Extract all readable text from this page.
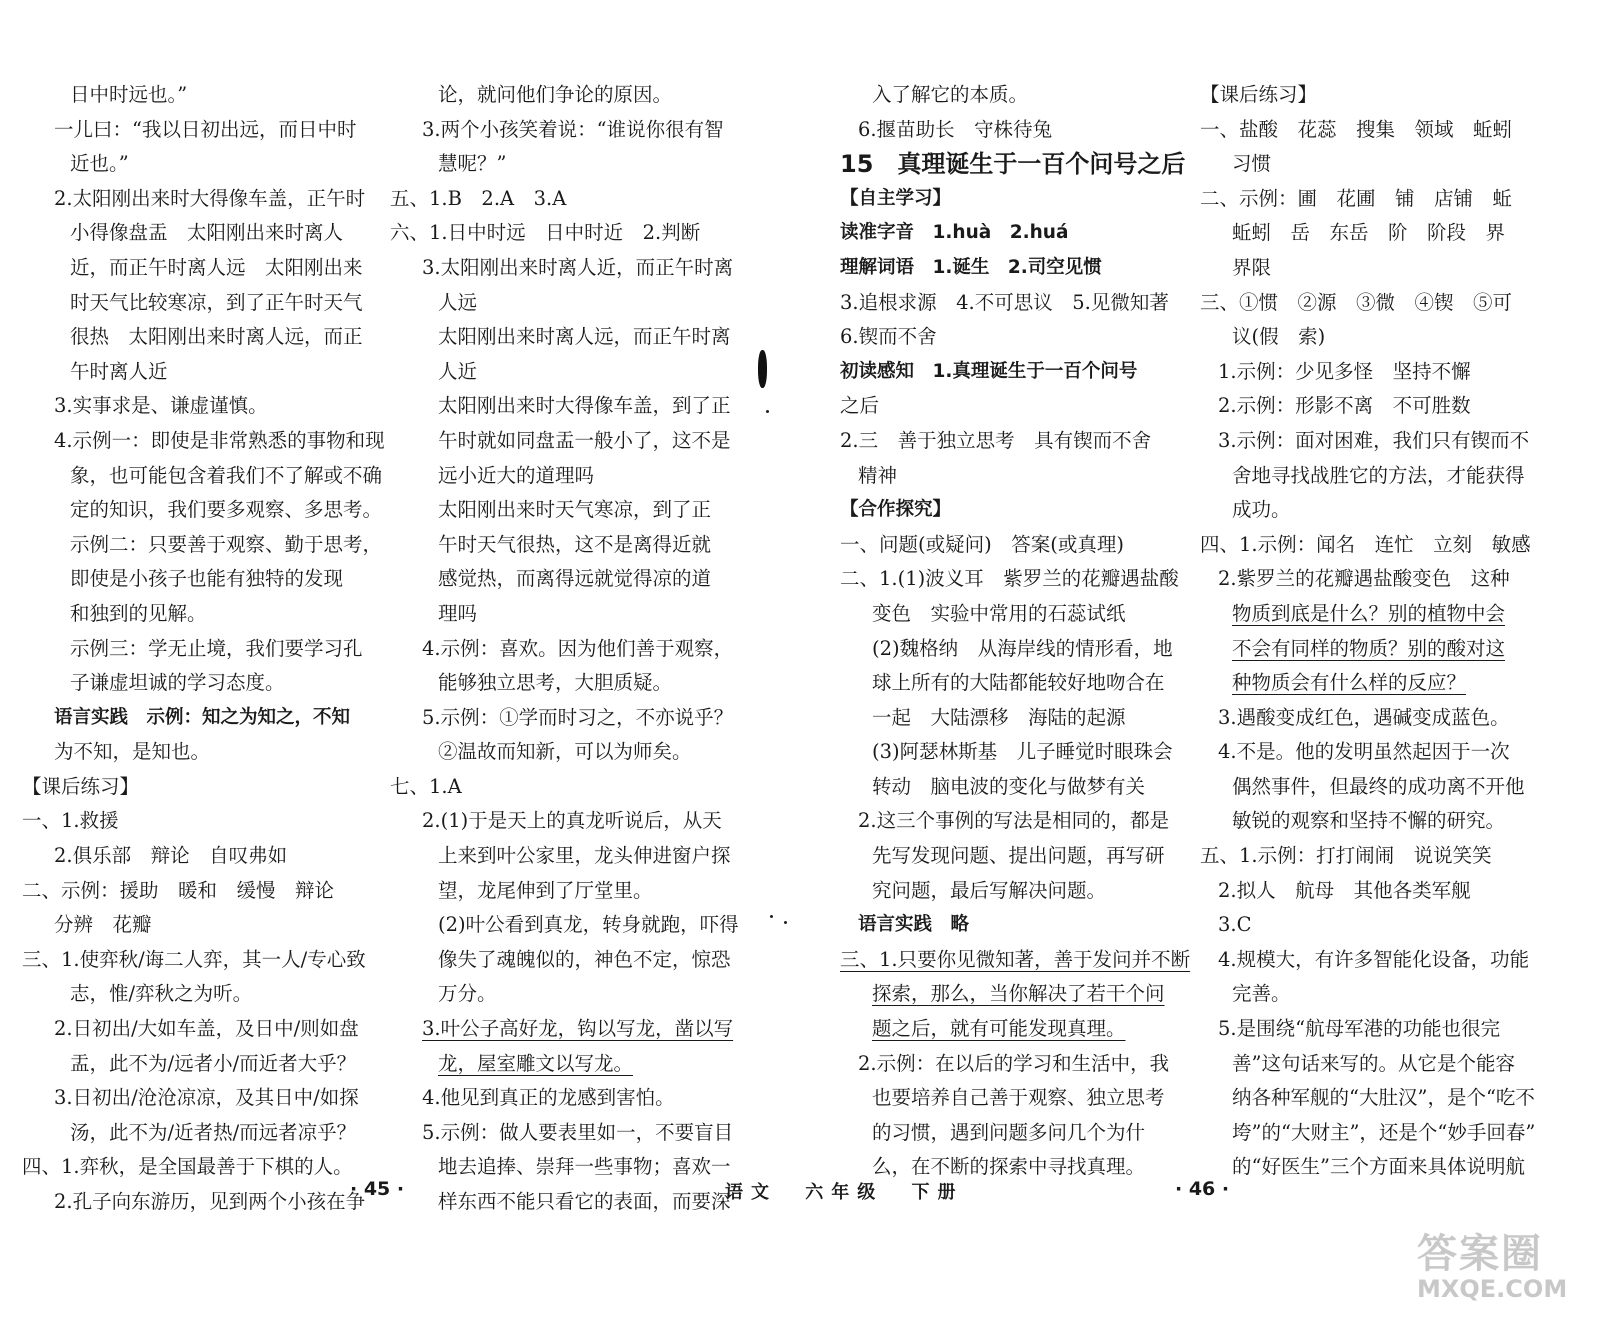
日中时远也。”
一儿曰：“我以日初出远，而日中时
近也。”
2.太阳刚出来时大得像车盖，正午时
小得像盘盂　太阳刚出来时离人
近，而正午时离人远　太阳刚出来
时天气比较寒凉，到了正午时天气
很热　太阳刚出来时离人远，而正
午时离人近
3.实事求是、谦虚谨慎。
4.示例一：即使是非常熟悉的事物和现
象，也可能包含着我们不了解或不确
定的知识，我们要多观察、多思考。
示例二：只要善于观察、勤于思考，
即使是小孩子也能有独特的发现
和独到的见解。
示例三：学无止境，我们要学习孔
子谦虚坦诚的学习态度。
语言实践　示例：知之为知之，不知
为不知，是知也。
【课后练习】
一、1.救援
2.俱乐部　辩论　自叹弗如
二、示例：援助　暖和　缓慢　辩论
分辨　花瓣
三、1.使弈秋/诲二人弈，其一人/专心致
志，惟/弈秋之为听。
2.日初出/大如车盖，及日中/则如盘
盂，此不为/远者小/而近者大乎？
3.日初出/沧沧凉凉，及其日中/如探
汤，此不为/近者热/而远者凉乎？
四、1.弈秋，是全国最善于下棋的人。
2.孔子向东游历，见到两个小孩在争
论，就问他们争论的原因。
3.两个小孩笑着说：“谁说你很有智
慧呢？”
五、1.B　2.A　3.A
六、1.日中时远　日中时近　2.判断
3.太阳刚出来时离人近，而正午时离
人远
太阳刚出来时离人远，而正午时离
人近
太阳刚出来时大得像车盖，到了正
午时就如同盘盂一般小了，这不是
远小近大的道理吗
太阳刚出来时天气寒凉，到了正
午时天气很热，这不是离得近就
感觉热，而离得远就觉得凉的道
理吗
4.示例：喜欢。因为他们善于观察，
能够独立思考，大胆质疑。
5.示例：①学而时习之，不亦说乎？
②温故而知新，可以为师矣。
七、1.A
2.(1)于是天上的真龙听说后，从天
上来到叶公家里，龙头伸进窗户探
望，龙尾伸到了厅堂里。
(2)叶公看到真龙，转身就跑，吓得
像失了魂魄似的，神色不定，惊恐
万分。
3.叶公子高好龙，钩以写龙，凿以写
龙，屋室雕文以写龙。
4.他见到真正的龙感到害怕。
5.示例：做人要表里如一，不要盲目
地去追捧、崇拜一些事物；喜欢一
样东西不能只看它的表面，而要深
入了解它的本质。
6.揠苗助长　守株待兔
15　真理诞生于一百个问号之后
【自主学习】
读准字音　1.huà　2.huá
理解词语　1.诞生　2.司空见惯
3.追根求源　4.不可思议　5.见微知著
6.锲而不舍
初读感知　1.真理诞生于一百个问号
之后
2.三　善于独立思考　具有锲而不舍
精神
【合作探究】
一、问题(或疑问)　答案(或真理)
二、1.(1)波义耳　紫罗兰的花瓣遇盐酸
变色　实验中常用的石蕊试纸
(2)魏格纳　从海岸线的情形看，地
球上所有的大陆都能较好地吻合在
一起　大陆漂移　海陆的起源
(3)阿瑟林斯基　儿子睡觉时眼珠会
转动　脑电波的变化与做梦有关
2.这三个事例的写法是相同的，都是
先写发现问题、提出问题，再写研
究问题，最后写解决问题。
语言实践　略
三、1.只要你见微知著，善于发问并不断
探索，那么，当你解决了若干个问
题之后，就有可能发现真理。
2.示例：在以后的学习和生活中，我
也要培养自己善于观察、独立思考
的习惯，遇到问题多问几个为什
么，在不断的探索中寻找真理。
【课后练习】
一、盐酸　花蕊　搜集　领域　蚯蚓
习惯
二、示例：圃　花圃　铺　店铺　蚯
蚯蚓　岳　东岳　阶　阶段　界
界限
三、①惯　②源　③微　④锲　⑤可
议(假　索)
1.示例：少见多怪　坚持不懈
2.示例：形影不离　不可胜数
3.示例：面对困难，我们只有锲而不
舍地寻找战胜它的方法，才能获得
成功。
四、1.示例：闻名　连忙　立刻　敏感
2.紫罗兰的花瓣遇盐酸变色　这种
物质到底是什么？别的植物中会
不会有同样的物质？别的酸对这
种物质会有什么样的反应？
3.遇酸变成红色，遇碱变成蓝色。
4.不是。他的发明虽然起因于一次
偶然事件，但最终的成功离不开他
敏锐的观察和坚持不懈的研究。
五、1.示例：打打闹闹　说说笑笑
2.拟人　航母　其他各类军舰
3.C
4.规模大，有许多智能化设备，功能
完善。
5.是围绕“航母军港的功能也很完
善”这句话来写的。从它是个能容
纳各种军舰的“大肚汉”，是个“吃不
垮”的“大财主”，还是个“妙手回春”
的“好医生”三个方面来具体说明航
· 45 ·	语文 六年级 下册	· 46 ·
答案圈
MXQE.COM
